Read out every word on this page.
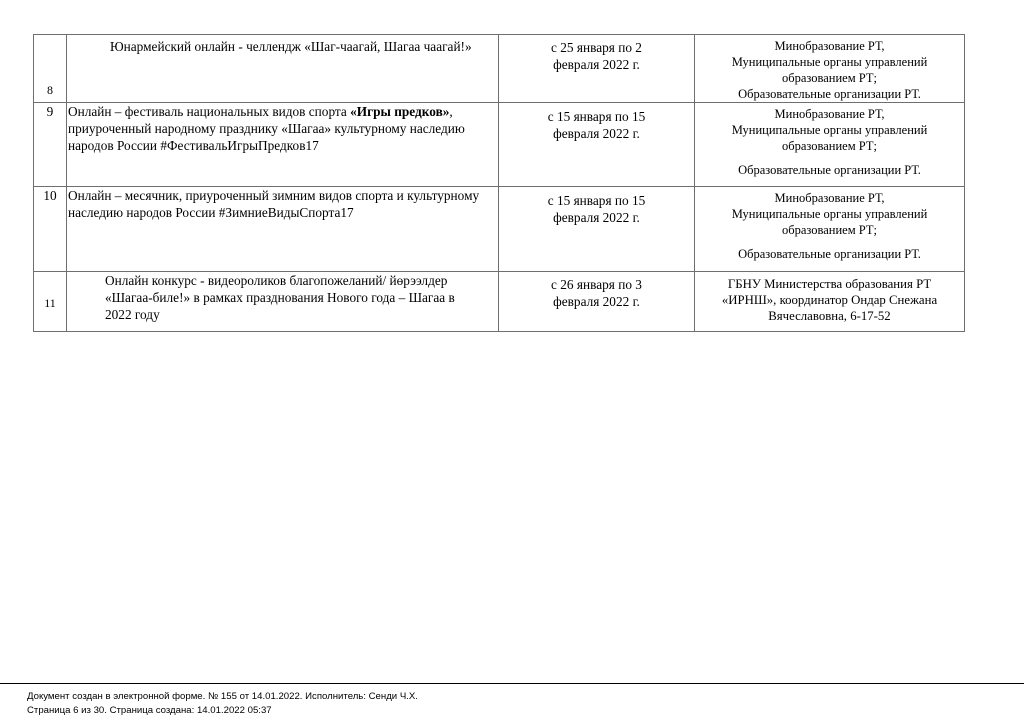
8	Юнармейский онлайн - челлендж «Шаг-чаагай, Шагаа чаагай!»	с 25 января по 2
февраля 2022 г.	Минобразование РТ,
Муниципальные органы управлений
образованием РТ;
Образовательные организации РТ.

9	Онлайн – фестиваль национальных видов спорта «Игры предков», приуроченный народному празднику «Шагаа» культурному наследию народов России #ФестивальИгрыПредков17	с 15 января по 15
февраля 2022 г.	Минобразование РТ,
Муниципальные органы управлений
образованием РТ;
Образовательные организации РТ.

10	Онлайн – месячник, приуроченный зимним видов спорта и культурному наследию народов России #ЗимниеВидыСпорта17	с 15 января по 15
февраля 2022 г.	Минобразование РТ,
Муниципальные органы управлений
образованием РТ;
Образовательные организации РТ.

11	Онлайн конкурс - видеороликов благопожеланий/ йөрээлдер «Шагаа-биле!» в рамках празднования Нового года – Шагаа в 2022 году	с 26 января по 3
февраля 2022 г.	ГБНУ Министерства образования РТ «ИРНШ», координатор Ондар Снежана Вячеславовна, 6-17-52
Документ создан в электронной форме. № 155 от 14.01.2022. Исполнитель: Сенди Ч.Х.
Страница 6 из 30. Страница создана: 14.01.2022 05:37
